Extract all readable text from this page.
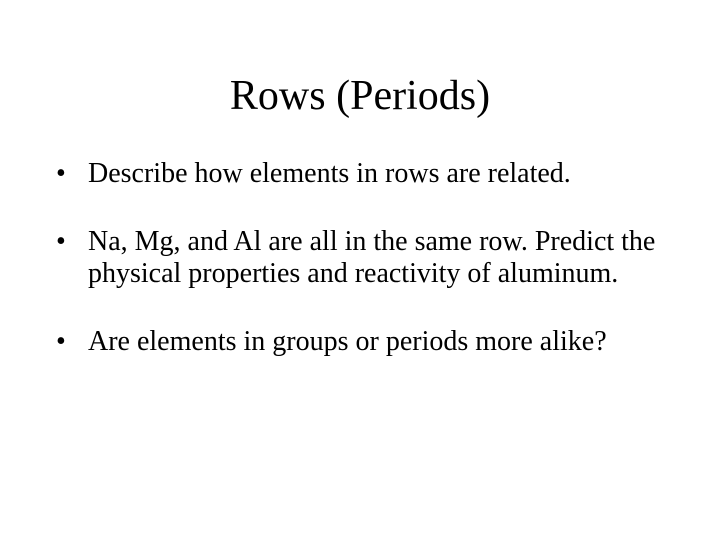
Rows (Periods)
• Describe how elements in rows are related.
• Na, Mg, and Al are all in the same row. Predict the physical properties and reactivity of aluminum.
• Are elements in groups or periods more alike?
